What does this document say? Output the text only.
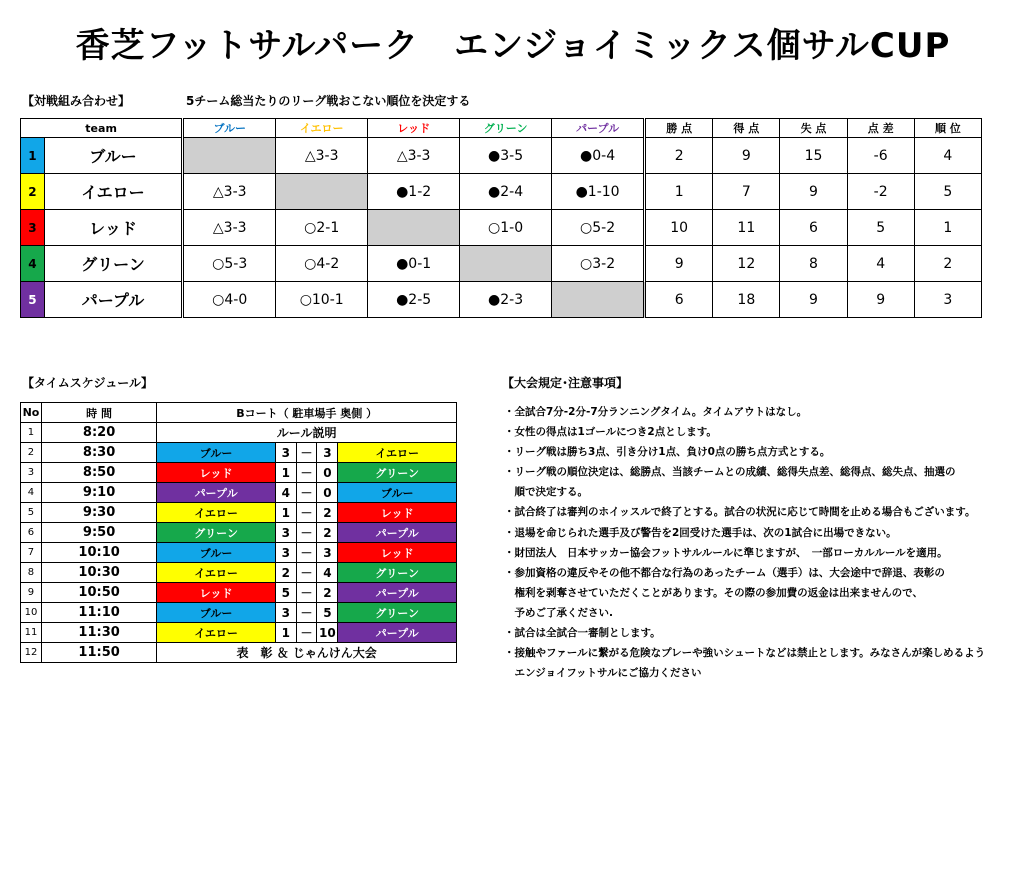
香芝フットサルパーク　エンジョイミックス個サルCUP
【対戦組み合わせ】	5チーム総当たりのリーグ戦おこない順位を決定する
team		ブルー	イエロー	レッド	グリーン	パープル	勝 点	得 点	失 点	点 差	順 位
1	ブルー		△3-3	△3-3	●3-5	●0-4	2	9	15	-6	4
2	イエロー	△3-3		●1-2	●2-4	●1-10	1	7	9	-2	5
3	レッド	△3-3	○2-1		○1-0	○5-2	10	11	6	5	1
4	グリーン	○5-3	○4-2	●0-1		○3-2	9	12	8	4	2
5	パープル	○4-0	○10-1	●2-5	●2-3		6	18	9	9	3
【タイムスケジュール】
No	時 間	Bコート（ 駐車場手 奥側 ）				
1	8:20	ルール説明				
2	8:30	ブルー	3	－	3	イエロー
3	8:50	レッド	1	－	0	グリーン
4	9:10	パープル	4	－	0	ブルー
5	9:30	イエロー	1	－	2	レッド
6	9:50	グリーン	3	－	2	パープル
7	10:10	ブルー	3	－	3	レッド
8	10:30	イエロー	2	－	4	グリーン
9	10:50	レッド	5	－	2	パープル
10	11:10	ブルー	3	－	5	グリーン
11	11:30	イエロー	1	－	10	パープル
12	11:50	表　彰 ＆ じゃんけん大会				
【大会規定･注意事項】
・全試合7分-2分-7分ランニングタイム。タイムアウトはなし。
・女性の得点は1ゴールにつき2点とします。
・リーグ戦は勝ち3点、引き分け1点、負け0点の勝ち点方式とする。
・リーグ戦の順位決定は、総勝点、当該チームとの成績、総得失点差、総得点、総失点、抽選の
　順で決定する。
・試合終了は審判のホイッスルで終了とする。試合の状況に応じて時間を止める場合もございます。
・退場を命じられた選手及び警告を2回受けた選手は、次の1試合に出場できない。
・財団法人　日本サッカー協会フットサルルールに準じますが、　一部ローカルルールを適用。
・参加資格の違反やその他不都合な行為のあったチーム（選手）は、大会途中で辞退、表彰の
　権利を剥奪させていただくことがあります。その際の参加費の返金は出来ませんので、
　予めご了承ください.
・試合は全試合一審制とします。
・接触やファールに繋がる危険なプレーや強いシュートなどは禁止とします。みなさんが楽しめるよう
　エンジョイフットサルにご協力ください
